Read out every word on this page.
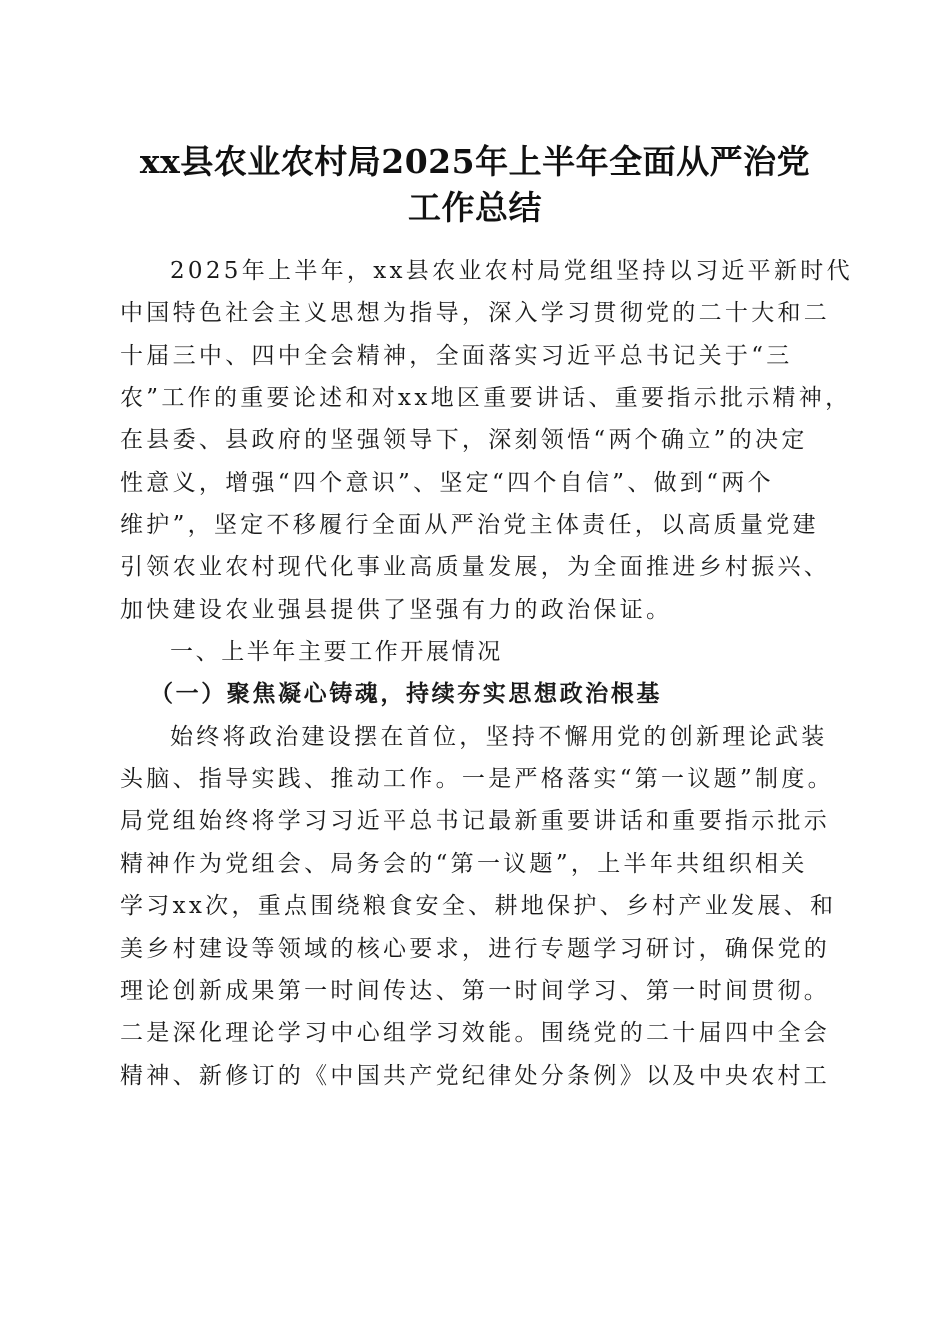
xx县农业农村局2025年上半年全面从严治党
工作总结
2025年上半年，xx县农业农村局党组坚持以习近平新时代
中国特色社会主义思想为指导，深入学习贯彻党的二十大和二
十届三中、四中全会精神，全面落实习近平总书记关于“三
农”工作的重要论述和对xx地区重要讲话、重要指示批示精神，
在县委、县政府的坚强领导下，深刻领悟“两个确立”的决定
性意义，增强“四个意识”、坚定“四个自信”、做到“两个
维护”，坚定不移履行全面从严治党主体责任，以高质量党建
引领农业农村现代化事业高质量发展，为全面推进乡村振兴、
加快建设农业强县提供了坚强有力的政治保证。
一、上半年主要工作开展情况
（一）聚焦凝心铸魂，持续夯实思想政治根基
始终将政治建设摆在首位，坚持不懈用党的创新理论武装
头脑、指导实践、推动工作。一是严格落实“第一议题”制度。
局党组始终将学习习近平总书记最新重要讲话和重要指示批示
精神作为党组会、局务会的“第一议题”，上半年共组织相关
学习xx次，重点围绕粮食安全、耕地保护、乡村产业发展、和
美乡村建设等领域的核心要求，进行专题学习研讨，确保党的
理论创新成果第一时间传达、第一时间学习、第一时间贯彻。
二是深化理论学习中心组学习效能。围绕党的二十届四中全会
精神、新修订的《中国共产党纪律处分条例》以及中央农村工
